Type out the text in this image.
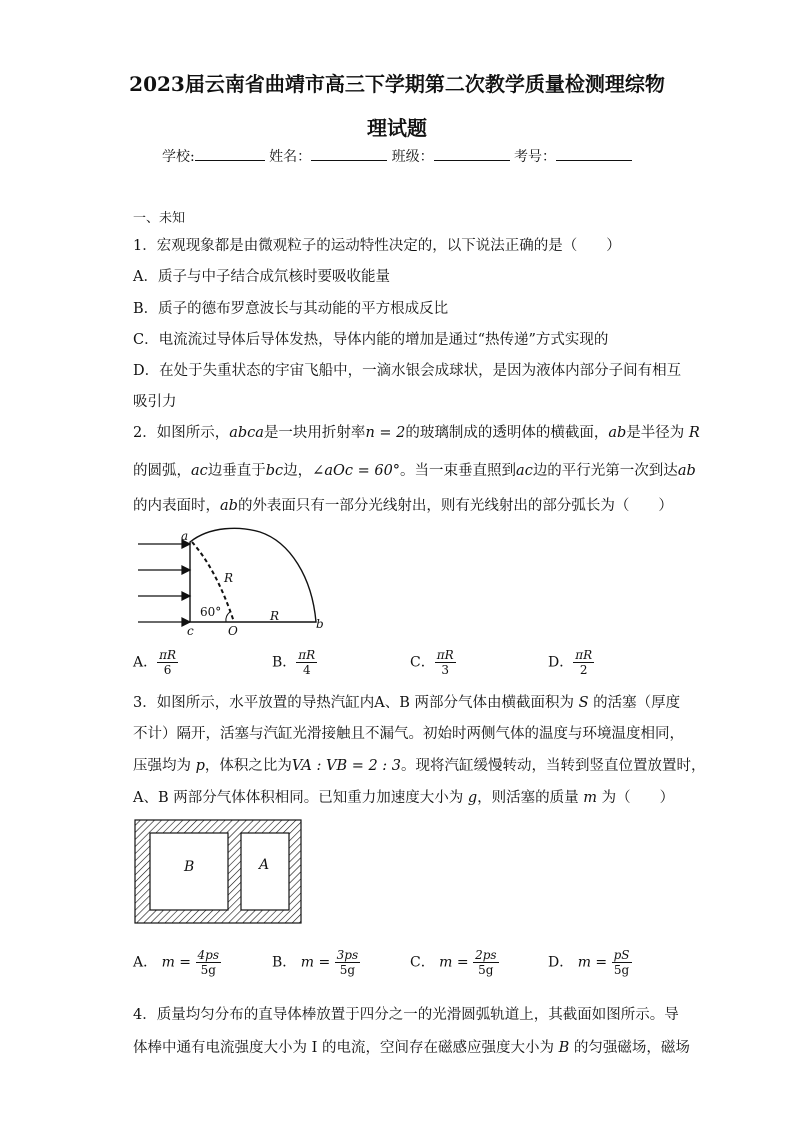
2023届云南省曲靖市高三下学期第二次教学质量检测理综物
理试题
学校:	姓名：	班级：	考号：
一、未知
1．宏观现象都是由微观粒子的运动特性决定的，以下说法正确的是（　　）
A．质子与中子结合成氘核时要吸收能量
B．质子的德布罗意波长与其动能的平方根成反比
C．电流流过导体后导体发热，导体内能的增加是通过“热传递”方式实现的
D．在处于失重状态的宇宙飞船中，一滴水银会成球状，是因为液体内部分子间有相互
吸引力
2．如图所示，abca是一块用折射率n = 2的玻璃制成的透明体的横截面，ab是半径为 R
的圆弧，ac边垂直于bc边，∠aOc = 60°。当一束垂直照到ac边的平行光第一次到达ab
的内表面时，ab的外表面只有一部分光线射出，则有光线射出的部分弧长为（　　）
a
R
60°
c	O
R
b
A． $\frac{\pi R}{6}$	B． $\frac{\pi R}{4}$	C． $\frac{\pi R}{3}$	D． $\frac{\pi R}{2}$
3．如图所示，水平放置的导热汽缸内A、B 两部分气体由横截面积为 S 的活塞（厚度
不计）隔开，活塞与汽缸光滑接触且不漏气。初始时两侧气体的温度与环境温度相同，
压强均为 p，体积之比为VA : VB = 2 : 3。现将汽缸缓慢转动，当转到竖直位置放置时，
A、B 两部分气体体积相同。已知重力加速度大小为 g，则活塞的质量 m 为（　　）
B	A
A． $m = \frac{4ps}{5g}$	B． $m = \frac{3ps}{5g}$	C． $m = \frac{2ps}{5g}$	D． $m = \frac{pS}{5g}$
4．质量均匀分布的直导体棒放置于四分之一的光滑圆弧轨道上，其截面如图所示。导
体棒中通有电流强度大小为 I 的电流，空间存在磁感应强度大小为 B 的匀强磁场，磁场
